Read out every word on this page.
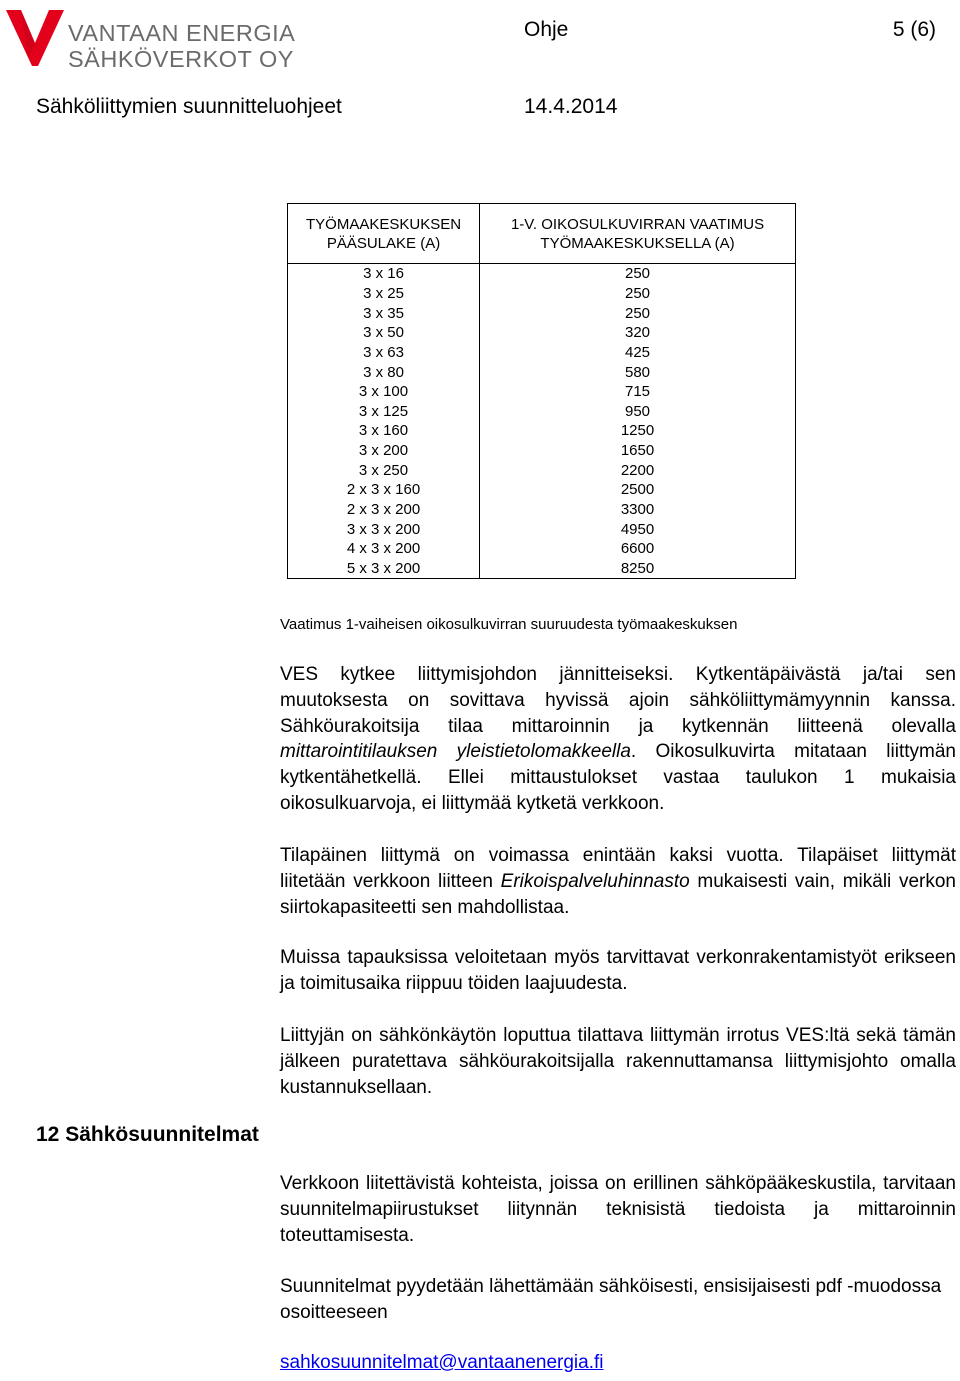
VANTAAN ENERGIA
SÄHKÖVERKOT OY
Ohje	5 (6)
Sähköliittymien suunnitteluohjeet	14.4.2014
TYÖMAAKESKUKSEN PÄÄSULAKE (A)	1-V. OIKOSULKUVIRRAN VAATIMUS TYÖMAAKESKUKSELLA (A)
3 x 16	250
3 x 25	250
3 x 35	250
3 x 50	320
3 x 63	425
3 x 80	580
3 x 100	715
3 x 125	950
3 x 160	1250
3 x 200	1650
3 x 250	2200
2 x 3 x 160	2500
2 x 3 x 200	3300
3 x 3 x 200	4950
4 x 3 x 200	6600
5 x 3 x 200	8250
Vaatimus 1-vaiheisen oikosulkuvirran suuruudesta työmaakeskuksen

VES kytkee liittymisjohdon jännitteiseksi. Kytkentäpäivästä ja/tai sen muutoksesta on sovittava hyvissä ajoin sähköliittymämyynnin kanssa. Sähköurakoitsija tilaa mittaroinnin ja kytkennän liitteenä olevalla mittarointitilauksen yleistietolomakkeella. Oikosulkuvirta mitataan liittymän kytkentähetkellä. Ellei mittaustulokset vastaa taulukon 1 mukaisia oikosulkuarvoja, ei liittymää kytketä verkkoon.

Tilapäinen liittymä on voimassa enintään kaksi vuotta. Tilapäiset liittymät liitetään verkkoon liitteen Erikoispalveluhinnasto mukaisesti vain, mikäli verkon siirtokapasiteetti sen mahdollistaa.

Muissa tapauksissa veloitetaan myös tarvittavat verkonrakentamistyöt erikseen ja toimitusaika riippuu töiden laajuudesta.

Liittyjän on sähkönkäytön loputtua tilattava liittymän irrotus VES:ltä sekä tämän jälkeen puratettava sähköurakoitsijalla rakennuttamansa liittymisjohto omalla kustannuksellaan.

12 Sähkösuunnitelmat

Verkkoon liitettävistä kohteista, joissa on erillinen sähköpääkeskustila, tarvitaan suunnitelmapiirustukset liitynnän teknisistä tiedoista ja mittaroinnin toteuttamisesta.

Suunnitelmat pyydetään lähettämään sähköisesti, ensisijaisesti pdf -muodossa osoitteeseen

sahkosuunnitelmat@vantaanenergia.fi
